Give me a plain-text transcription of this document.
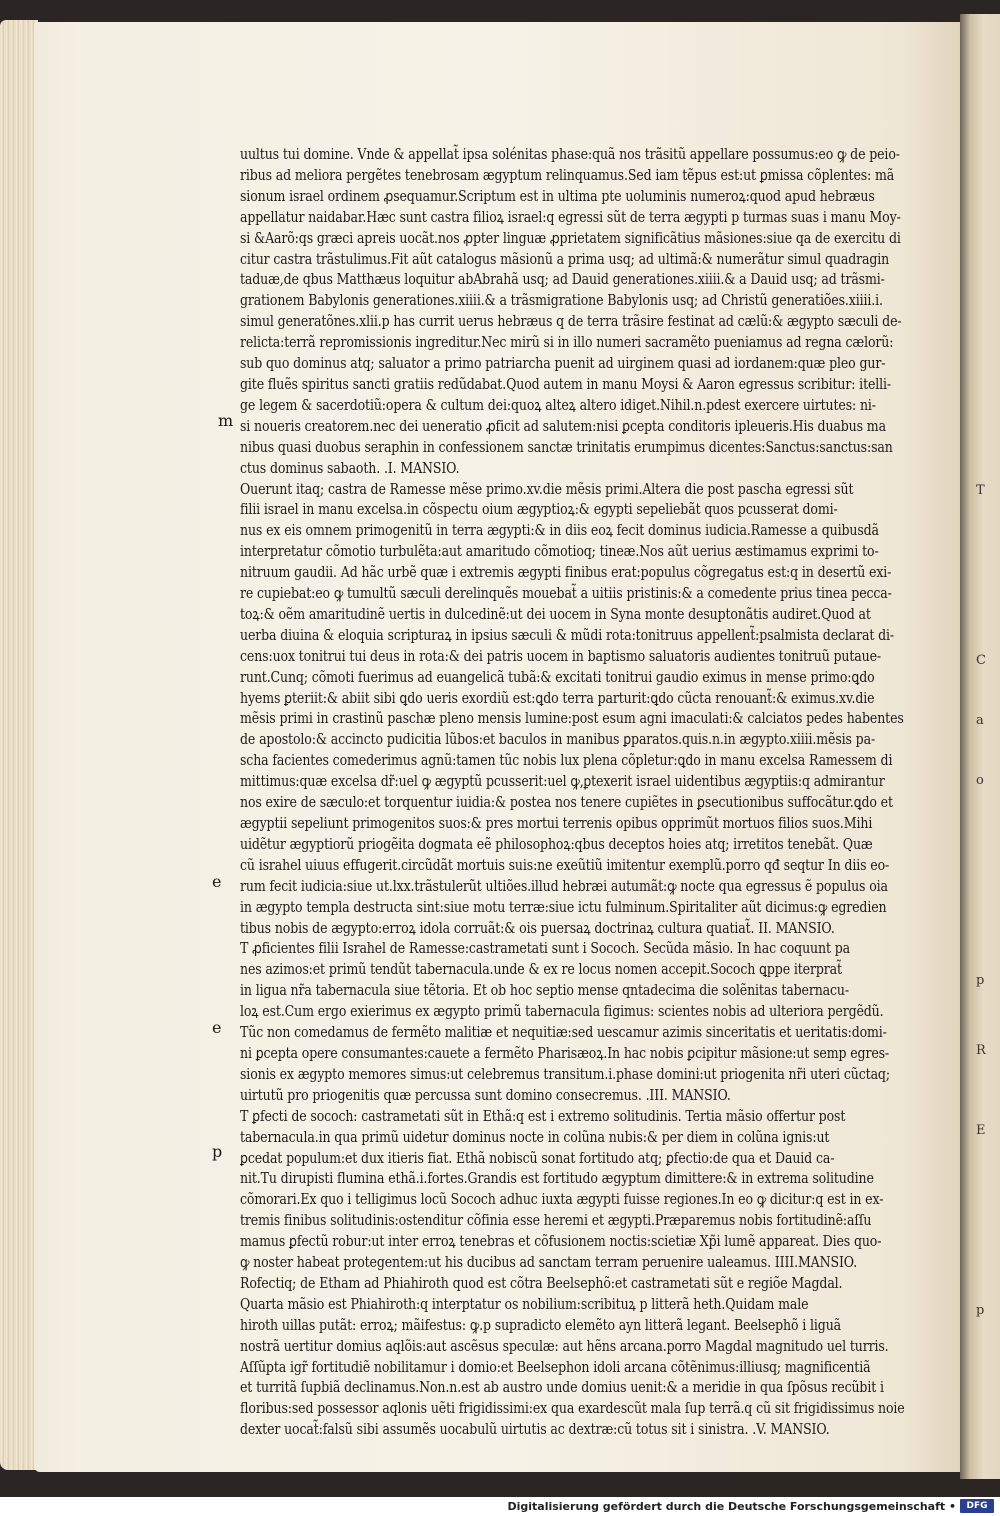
uultus tui domine. Vnde & appellat̃ ipsa solénitas phase:quã nos trãsitũ appellare possumus:eo ꝙ de peio-
ribus ad meliora pergẽtes tenebrosam ægyptum relinquamus.Sed iam tẽpus est:ut ꝑmissa cõplentes: mã
sionum israel ordinem ꝓsequamur.Scriptum est in ultima pte uoluminis numeroꝝ:quod apud hebræus
appellatur naidabar.Hæc sunt castra filioꝝ israel:q egressi sũt de terra ægypti p turmas suas i manu Moy-
si &Aarõ:qs græci apreis uocãt.nos ꝓpter linguæ ꝓprietatem significãtius mãsiones:siue qa de exercitu di
citur castra trãstulimus.Fit aũt catalogus mãsionũ a prima usq; ad ultimã:& numerãtur simul quadragin
taduæ,de qbus Matthæus loquitur abAbrahã usq; ad Dauid generationes.xiiii.& a Dauid usq; ad trãsmi-
grationem Babylonis generationes.xiiii.& a trãsmigratione Babylonis usq; ad Christũ generatiões.xiiii.i.
simul generatõnes.xlii.p has currit uerus hebræus q de terra trãsire festinat ad cælũ:& ægypto sæculi de-
relicta:terrã repromissionis ingreditur.Nec mirũ si in illo numeri sacramẽto pueniamus ad regna cælorũ:
sub quo dominus atq; saluator a primo patriarcha puenit ad uirginem quasi ad iordanem:quæ pleo gur-
gite fluẽs spiritus sancti gratiis redũdabat.Quod autem in manu Moysi & Aaron egressus scribitur: itelli-
ge legem & sacerdotiũ:opera & cultum dei:quoꝝ alteꝝ altero idiget.Nihil.n.pdest exercere uirtutes: ni-
si noueris creatorem.nec dei ueneratio ꝓficit ad salutem:nisi ꝑcepta conditoris ipleueris.His duabus ma
nibus quasi duobus seraphin in confessionem sanctæ trinitatis erumpimus dicentes:Sanctus:sanctus:san
ctus dominus sabaoth. .I. MANSIO.
Ouerunt itaq; castra de Ramesse mẽse primo.xv.die mẽsis primi.Altera die post pascha egressi sũt
filii israel in manu excelsa.in cõspectu oium ægyptioꝝ:& egypti sepeliebãt quos pcusserat domi-
nus ex eis omnem primogenitũ in terra ægypti:& in diis eoꝝ fecit dominus iudicia.Ramesse a quibusdã
interpretatur cõmotio turbulẽta:aut amaritudo cõmotioq; tineæ.Nos aũt uerius æstimamus exprimi to-
nitruum gaudii. Ad hãc urbẽ quæ i extremis ægypti finibus erat:populus cõgregatus est:q in desertũ exi-
re cupiebat:eo ꝙ tumultũ sæculi derelinquẽs mouebat̃ a uitiis pristinis:& a comedente prius tinea pecca-
toꝝ:& oẽm amaritudinẽ uertis in dulcedinẽ:ut dei uocem in Syna monte desuptonãtis audiret.Quod at
uerba diuina & eloquia scripturaꝝ in ipsius sæculi & mũdi rota:tonitruus appellent̃:psalmista declarat di-
cens:uox tonitrui tui deus in rota:& dei patris uocem in baptismo saluatoris audientes tonitruũ putaue-
runt.Cunq; cõmoti fuerimus ad euangelicã tubã:& excitati tonitrui gaudio eximus in mense primo:ꝗdo
hyems ꝑteriit:& abiit sibi ꝗdo ueris exordiũ est:ꝗdo terra parturit:ꝗdo cũcta renouant̃:& eximus.xv.die
mẽsis primi in crastinũ paschæ pleno mensis lumine:post esum agni imaculati:& calciatos pedes habentes
de apostolo:& accincto pudicitia lũbos:et baculos in manibus ꝑparatos.quis.n.in ægypto.xiiii.mẽsis pa-
scha facientes comederimus agnũ:tamen tũc nobis lux plena cõpletur:ꝗdo in manu excelsa Ramessem di
mittimus:quæ excelsa dr̃:uel ꝙ ægyptũ pcusserit:uel ꝙ,ꝑtexerit israel uidentibus ægyptiis:q admirantur
nos exire de sæculo:et torquentur iuidia:& postea nos tenere cupiẽtes in ꝑsecutionibus suffocãtur.ꝗdo et
ægyptii sepeliunt primogenitos suos:& pres mortui terrenis opibus opprimũt mortuos filios suos.Mihi
uidẽtur ægyptiorũ priogẽita dogmata eẽ philosophoꝝ:qbus deceptos hoies atq; irretitos tenebãt. Quæ
cũ israhel uiuus effugerit.circũdãt mortuis suis:ne exeũtiũ imitentur exemplũ.porro qđ seqtur In diis eo-
rum fecit iudicia:siue ut.lxx.trãstulerũt ultiões.illud hebræi autumãt:ꝙ nocte qua egressus ẽ populus oia
in ægypto templa destructa sint:siue motu terræ:siue ictu fulminum.Spiritaliter aũt dicimus:ꝙ egredien
tibus nobis de ægypto:erroꝝ idola corruãt:& ois puersaꝝ doctrinaꝝ cultura quatiat̃. II. MANSIO.
T ꝓficientes filii Israhel de Ramesse:castrametati sunt i Sococh. Secũda mãsio. In hac coquunt pa
nes azimos:et primũ tendũt tabernacula.unde & ex re locus nomen accepit.Sococh ꝗppe iterprat̃
in ligua nr̃a tabernacula siue tẽtoria. Et ob hoc septio mense qntadecima die solẽnitas tabernacu-
loꝝ est.Cum ergo exierimus ex ægypto primũ tabernacula figimus: scientes nobis ad ulteriora pergẽdũ.
Tũc non comedamus de fermẽto malitiæ et nequitiæ:sed uescamur azimis sinceritatis et ueritatis:domi-
ni ꝑcepta opere consumantes:cauete a fermẽto Pharisæoꝝ.In hac nobis ꝑcipitur mãsione:ut semp egres-
sionis ex ægypto memores simus:ut celebremus transitum.i.phase domini:ut priogenita nr̃i uteri cũctaq;
uirtutũ pro priogenitis quæ percussa sunt domino consecremus. .III. MANSIO.
T ꝑfecti de sococh: castrametati sũt in Ethã:q est i extremo solitudinis. Tertia mãsio offertur post
tabernacula.in qua primũ uidetur dominus nocte in colũna nubis:& per diem in colũna ignis:ut
ꝑcedat populum:et dux itieris fiat. Ethã nobiscũ sonat fortitudo atq; ꝑfectio:de qua et Dauid ca-
nit.Tu dirupisti flumina ethã.i.fortes.Grandis est fortitudo ægyptum dimittere:& in extrema solitudine
cõmorari.Ex quo i telligimus locũ Sococh adhuc iuxta ægypti fuisse regiones.In eo ꝙ dicitur:q est in ex-
tremis finibus solitudinis:ostenditur cõfinia esse heremi et ægypti.Præparemus nobis fortitudinẽ:aſſu
mamus ꝑfectũ robur:ut inter erroꝝ tenebras et cõfusionem noctis:scietiæ Xp̃i lumẽ appareat. Dies quo-
ꝙ noster habeat protegentem:ut his ducibus ad sanctam terram peruenire ualeamus. IIII.MANSIO.
Rofectiq; de Etham ad Phiahiroth quod est cõtra Beelsephõ:et castrametati sũt e regiõe Magdal.
Quarta mãsio est Phiahiroth:q interptatur os nobilium:scribituꝝ p litterã heth.Quidam male
hiroth uillas putãt: erroꝝ; mãifestus: ꝙ.p supradicto elemẽto ayn litterã legant. Beelsephõ i liguã
nostrã uertitur domius aqlõis:aut ascẽsus speculæ: aut hẽns arcana.porro Magdal magnitudo uel turris.
Aſſũpta igr̃ fortitudiẽ nobilitamur i domio:et Beelsephon idoli arcana cõtẽnimus:illiusq; magnificentiã
et turritã ſupbiã declinamus.Non.n.est ab austro unde domius uenit:& a meridie in qua ſpõsus recũbit i
floribus:sed possessor aqlonis uẽti frigidissimi:ex qua exardescũt mala ſup terrã.q cũ sit frigidissimus noie
dexter uocat̃:falsũ sibi assumẽs uocabulũ uirtutis ac dextræ:cũ totus sit i sinistra. .V. MANSIO.
T
C
a
o
p
R
E
p
m
e
e
p
Digitalisierung gefördert durch die Deutsche Forschungsgemeinschaft •	DFG
